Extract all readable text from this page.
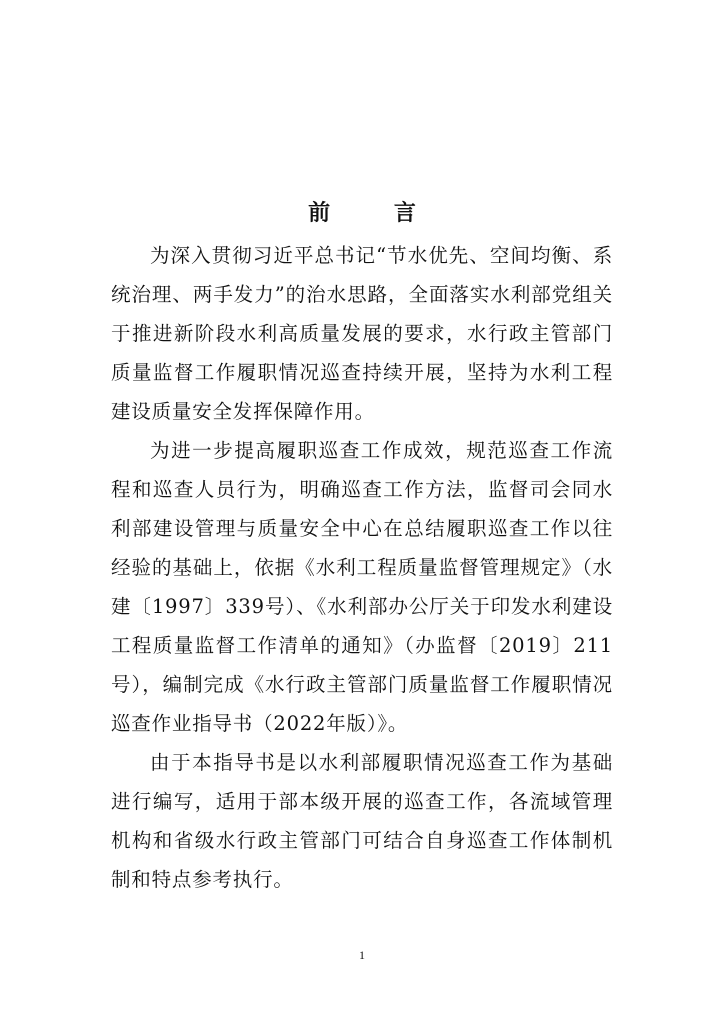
前 言

为深入贯彻习近平总书记“节水优先、空间均衡、系统治理、两手发力”的治水思路，全面落实水利部党组关于推进新阶段水利高质量发展的要求，水行政主管部门质量监督工作履职情况巡查持续开展，坚持为水利工程建设质量安全发挥保障作用。

为进一步提高履职巡查工作成效，规范巡查工作流程和巡查人员行为，明确巡查工作方法，监督司会同水利部建设管理与质量安全中心在总结履职巡查工作以往经验的基础上，依据《水利工程质量监督管理规定》（水建〔1997〕339号）、《水利部办公厅关于印发水利建设工程质量监督工作清单的通知》（办监督〔2019〕211号），编制完成《水行政主管部门质量监督工作履职情况巡查作业指导书（2022年版）》。

由于本指导书是以水利部履职情况巡查工作为基础进行编写，适用于部本级开展的巡查工作，各流域管理机构和省级水行政主管部门可结合自身巡查工作体制机制和特点参考执行。

1
